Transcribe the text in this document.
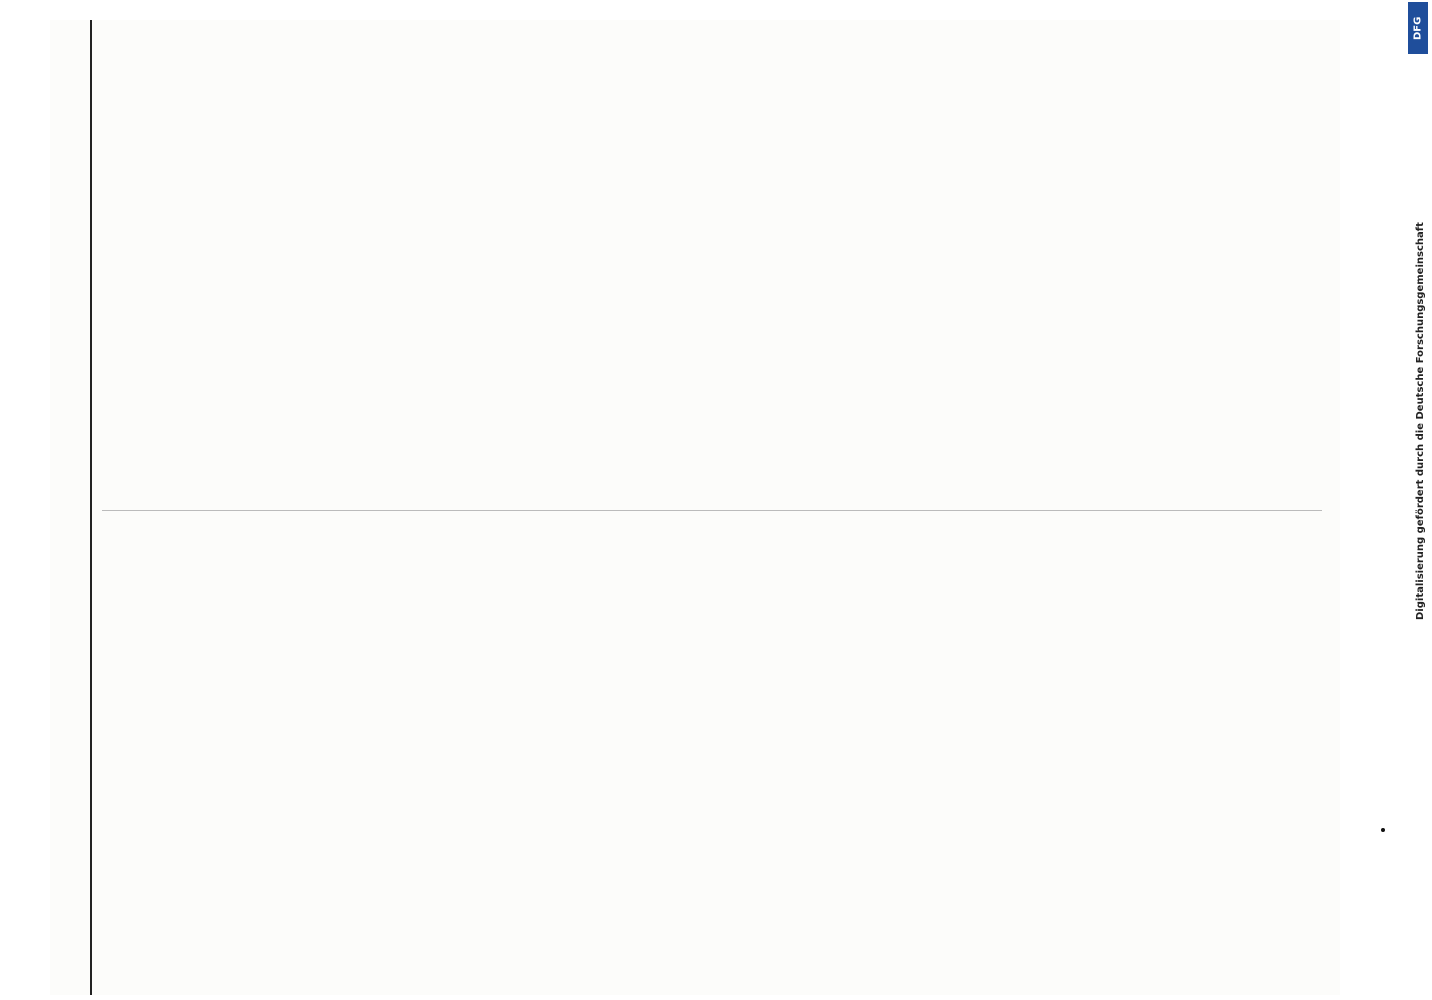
DFG
Digitalisierung gefördert durch die Deutsche Forschungsgemeinschaft
